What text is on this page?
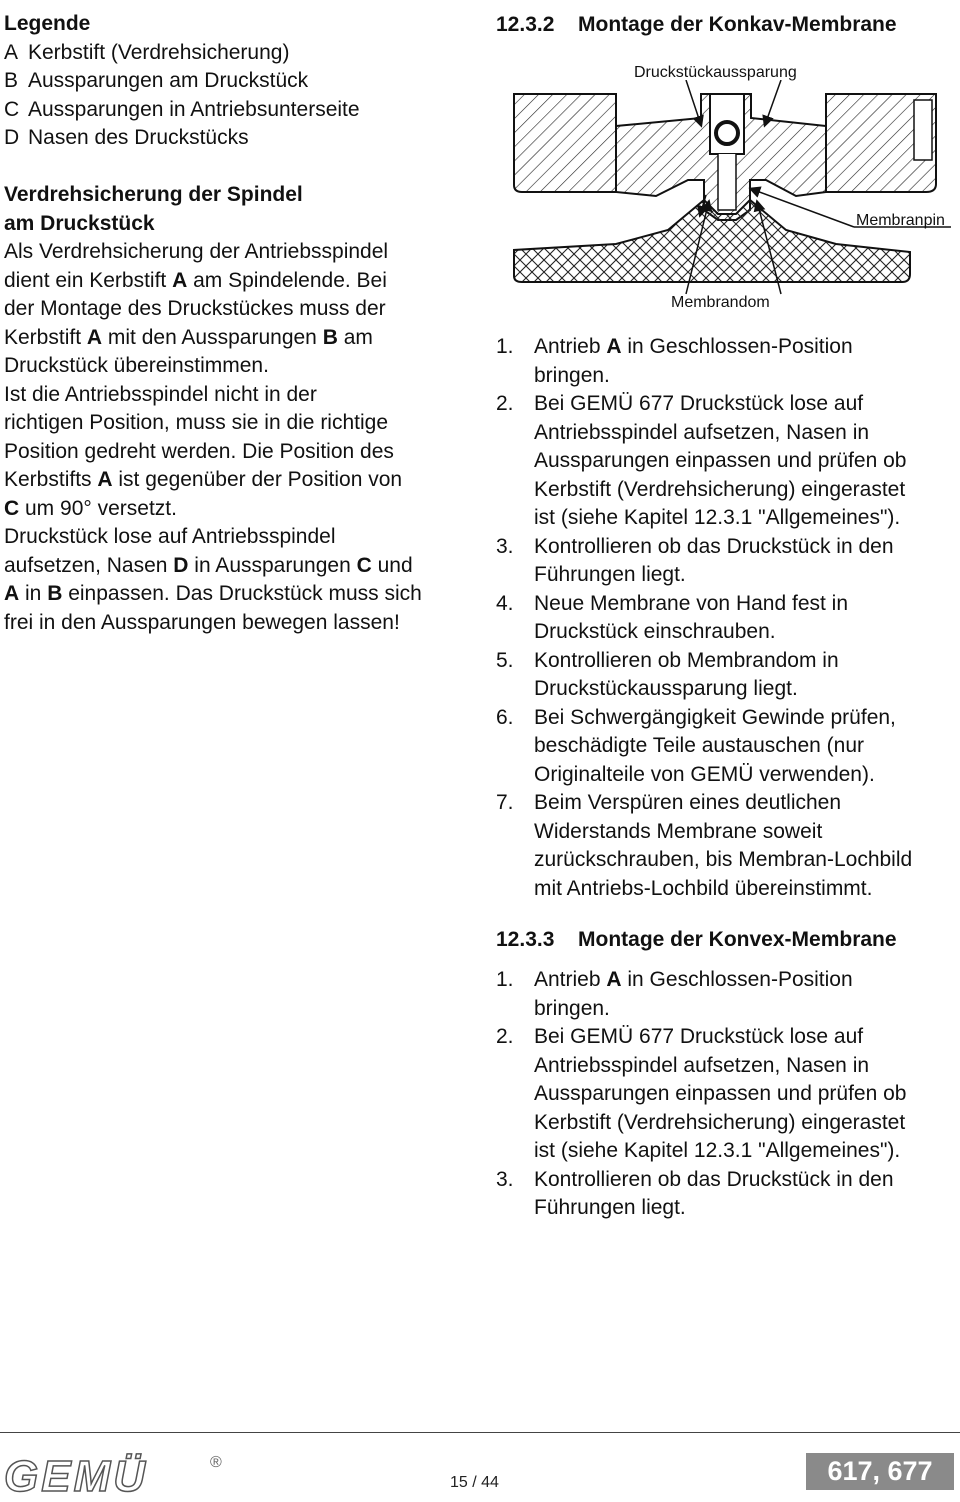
Legende
A Kerbstift (Verdrehsicherung)
B Aussparungen am Druckstück
C Aussparungen in Antriebsunterseite
D Nasen des Druckstücks
Verdrehsicherung der Spindel
am Druckstück
Als Verdrehsicherung der Antriebsspindel
dient ein Kerbstift A am Spindelende. Bei
der Montage des Druckstückes muss der
Kerbstift A mit den Aussparungen B am
Druckstück übereinstimmen.
Ist die Antriebsspindel nicht in der
richtigen Position, muss sie in die richtige
Position gedreht werden. Die Position des
Kerbstifts A ist gegenüber der Position von
C um 90° versetzt.
Druckstück lose auf Antriebsspindel
aufsetzen, Nasen D in Aussparungen C und
A in B einpassen. Das Druckstück muss sich
frei in den Aussparungen bewegen lassen!
12.3.2 Montage der Konkav-Membrane
Druckstückaussparung
Membranpin
Membrandom
1. Antrieb A in Geschlossen-Position
bringen.
2. Bei GEMÜ 677 Druckstück lose auf
Antriebsspindel aufsetzen, Nasen in
Aussparungen einpassen und prüfen ob
Kerbstift (Verdrehsicherung) eingerastet
ist (siehe Kapitel 12.3.1 "Allgemeines").
3. Kontrollieren ob das Druckstück in den
Führungen liegt.
4. Neue Membrane von Hand fest in
Druckstück einschrauben.
5. Kontrollieren ob Membrandom in
Druckstückaussparung liegt.
6. Bei Schwergängigkeit Gewinde prüfen,
beschädigte Teile austauschen (nur
Originalteile von GEMÜ verwenden).
7. Beim Verspüren eines deutlichen
Widerstands Membrane soweit
zurückschrauben, bis Membran-Lochbild
mit Antriebs-Lochbild übereinstimmt.
12.3.3 Montage der Konvex-Membrane
1. Antrieb A in Geschlossen-Position
bringen.
2. Bei GEMÜ 677 Druckstück lose auf
Antriebsspindel aufsetzen, Nasen in
Aussparungen einpassen und prüfen ob
Kerbstift (Verdrehsicherung) eingerastet
ist (siehe Kapitel 12.3.1 "Allgemeines").
3. Kontrollieren ob das Druckstück in den
Führungen liegt.
GEMÜ	®
15 / 44	617, 677
